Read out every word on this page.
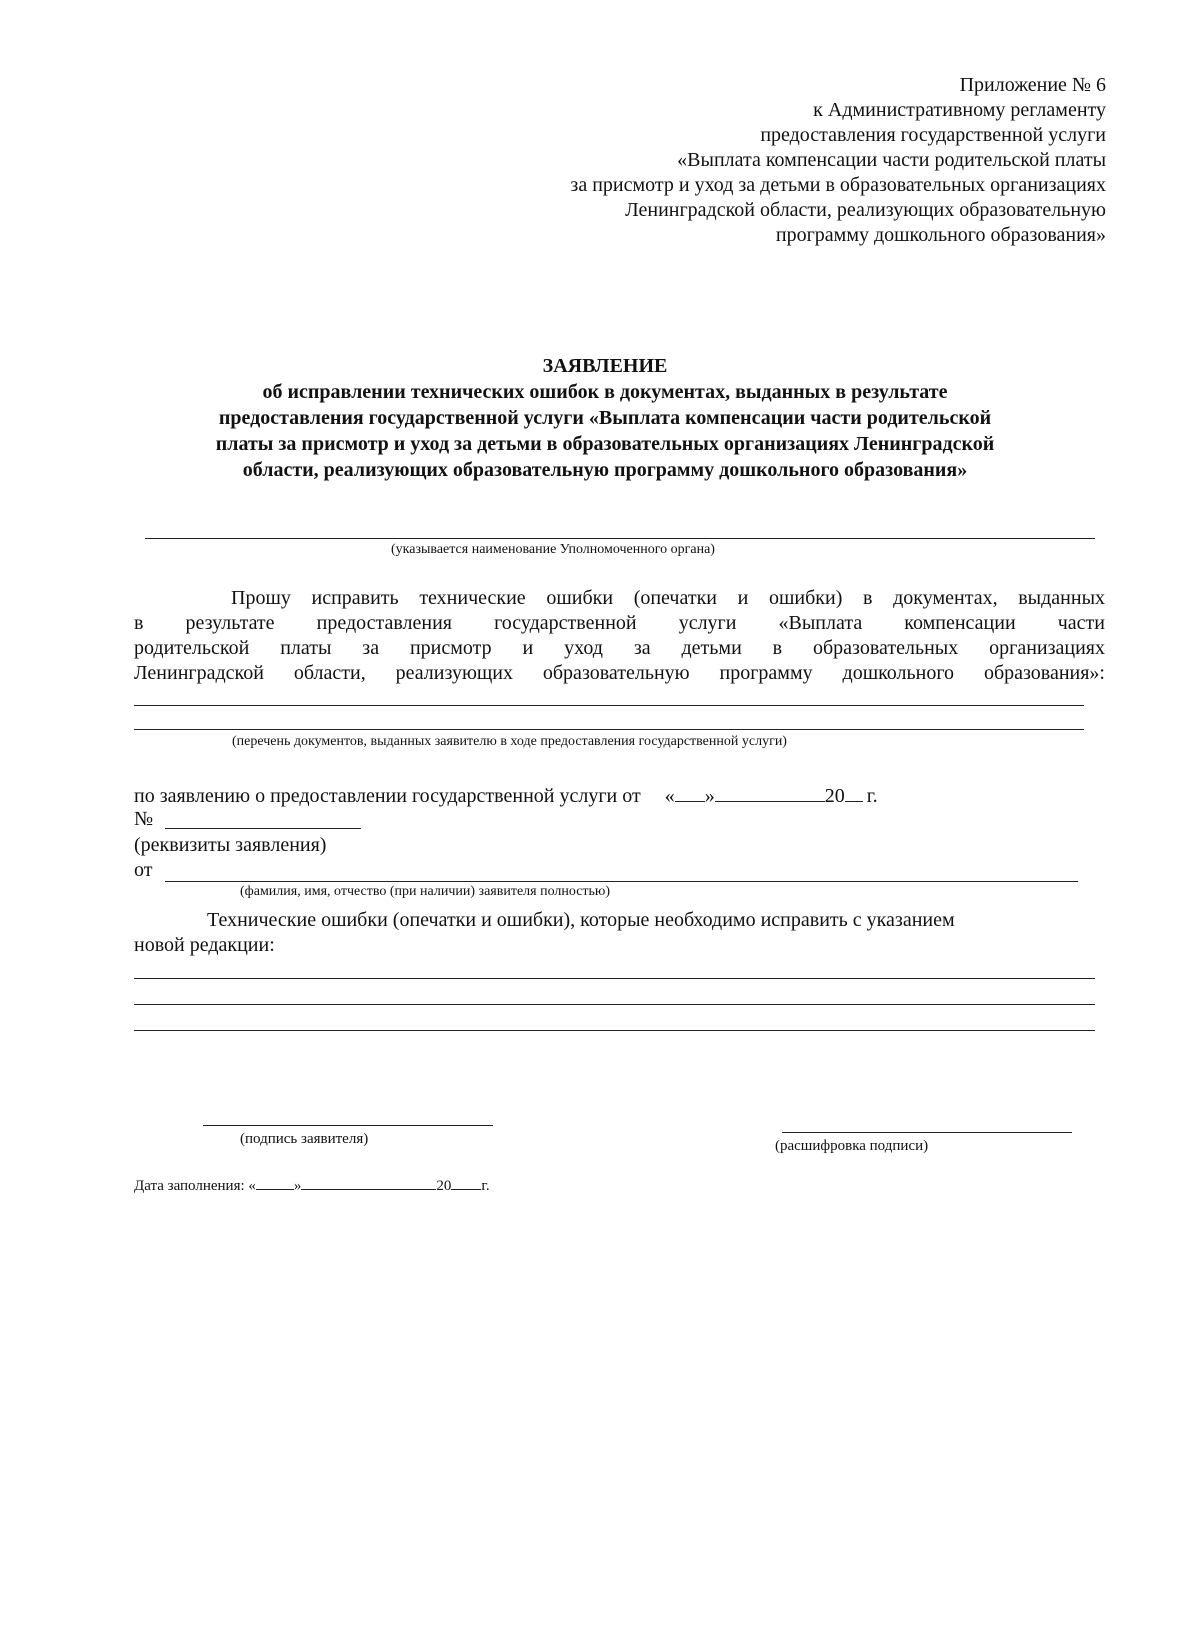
Приложение № 6
к Административному регламенту
предоставления государственной услуги
«Выплата компенсации части родительской платы
за присмотр и уход за детьми в образовательных организациях
Ленинградской области, реализующих образовательную
программу дошкольного образования»
ЗАЯВЛЕНИЕ
об исправлении технических ошибок в документах, выданных в результате
предоставления государственной услуги «Выплата компенсации части родительской
платы за присмотр и уход за детьми в образовательных организациях Ленинградской
области, реализующих образовательную программу дошкольного образования»
(указывается наименование Уполномоченного органа)
Прошу исправить технические ошибки (опечатки и ошибки) в документах, выданных
в результате предоставления государственной услуги «Выплата компенсации части
родительской платы за присмотр и уход за детьми в образовательных организациях
Ленинградской области, реализующих образовательную программу дошкольного образования»:
(перечень документов, выданных заявителю в ходе предоставления государственной услуги)
по заявлению о предоставлении государственной услуги от « »	20 г.
№
(реквизиты заявления)
от
(фамилия, имя, отчество (при наличии) заявителя полностью)
Технические ошибки (опечатки и ошибки), которые необходимо исправить с указанием
новой редакции:
(подпись заявителя)	(расшифровка подписи)
Дата заполнения: «	»	20 г.
